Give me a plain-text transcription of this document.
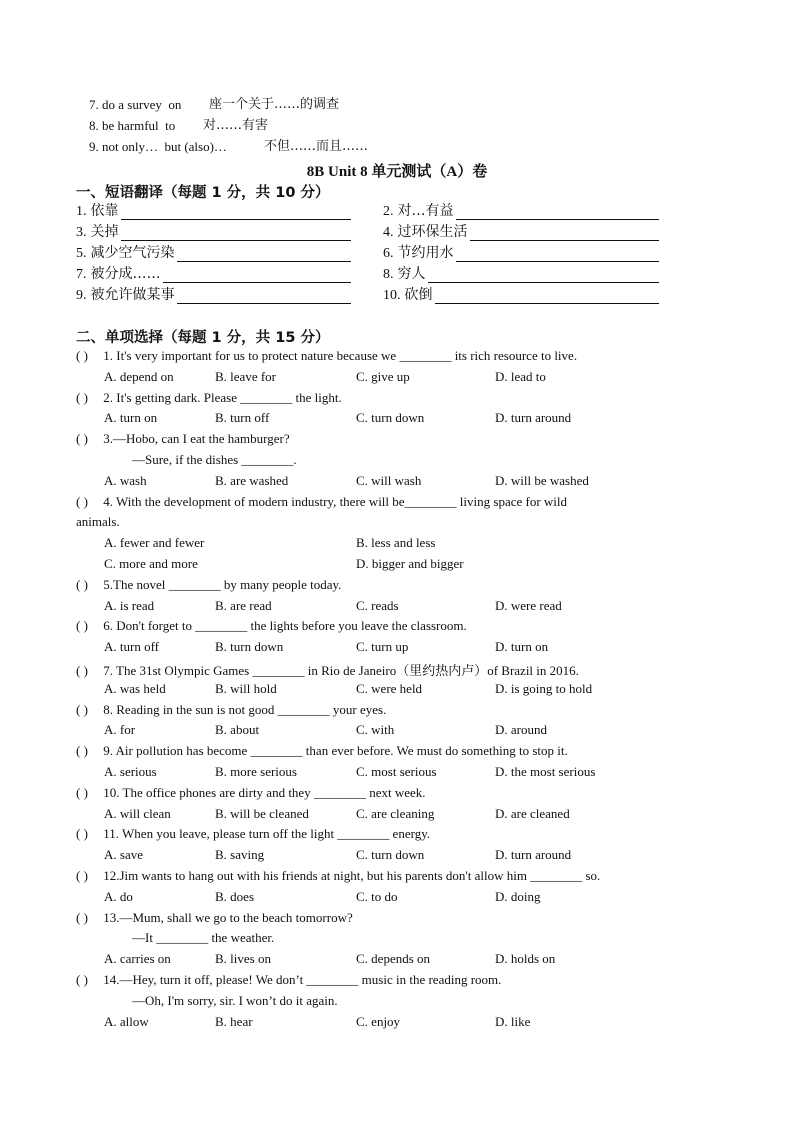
7. do a survey  on 座一个关于……的调查

8. be harmful  to 对……有害

9. not only…  but (also)…	不但……而且……

8B Unit 8 单元测试（A）卷
一、短语翻译（每题 1 分，共 10 分）
1. 依靠	2. 对…有益
3. 关掉	4. 过环保生活
5. 减少空气污染	6. 节约用水
7. 被分成……	8. 穷人
9. 被允许做某事	10. 砍倒
二、单项选择（每题 1 分，共 15 分）
( ) 1. It's very important for us to protect nature because we ________ its rich resource to live.
A. depend on	B. leave for	C. give up	D. lead to
( ) 2. It's getting dark. Please ________ the light.
A. turn on	B. turn off	C. turn down	D. turn around
( ) 3.—Hobo, can I eat the hamburger?
—Sure, if the dishes ________.
A. wash	B. are washed	C. will wash	D. will be washed
( ) 4. With the development of modern industry, there will be________ living space for wild
animals.
A. fewer and fewer	B. less and less
C. more and more	D. bigger and bigger
( ) 5.The novel ________ by many people today.
A. is read	B. are read	C. reads	D. were read
( ) 6. Don't forget to ________ the lights before you leave the classroom.
A. turn off	B. turn down	C. turn up	D. turn on
( ) 7. The 31st Olympic Games ________ in Rio de Janeiro（里约热内卢）of Brazil in 2016.
A. was held	B. will hold	C. were held	D. is going to hold
( ) 8. Reading in the sun is not good ________ your eyes.
A. for	B. about	C. with	D. around
( ) 9. Air pollution has become ________ than ever before. We must do something to stop it.
A. serious	B. more serious	C. most serious	D. the most serious
( ) 10. The office phones are dirty and they ________ next week.
A. will clean	B. will be cleaned	C. are cleaning	D. are cleaned
( ) 11. When you leave, please turn off the light ________ energy.
A. save	B. saving	C. turn down	D. turn around
( ) 12.Jim wants to hang out with his friends at night, but his parents don't allow him ________ so.
A. do	B. does	C. to do	D. doing
( ) 13.—Mum, shall we go to the beach tomorrow?
—It ________ the weather.
A. carries on	B. lives on	C. depends on	D. holds on
( ) 14.—Hey, turn it off, please! We don’t ________ music in the reading room.
—Oh, I'm sorry, sir. I won’t do it again.
A. allow	B. hear	C. enjoy	D. like
